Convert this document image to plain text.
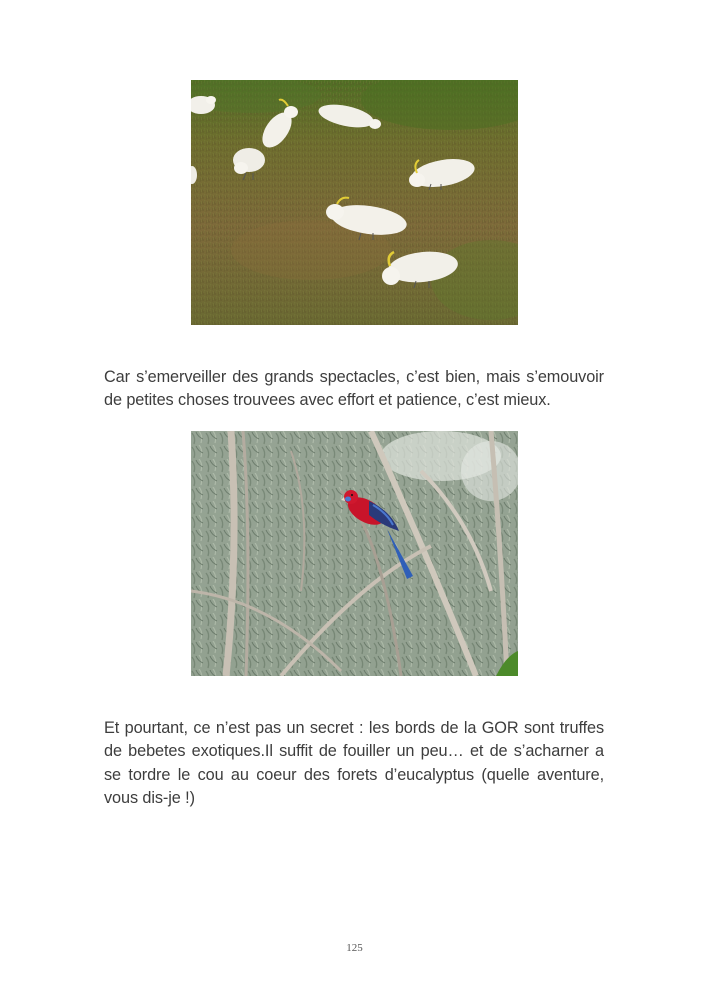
Car s’emerveiller des grands spectacles, c’est bien, mais s’emouvoir de petites choses trouvees avec effort et patience, c’est mieux.

Et pourtant, ce n’est pas un secret : les bords de la GOR sont truffes de bebetes exotiques.Il suffit de fouiller un peu… et de s’acharner a se tordre le cou au coeur des forets d’eucalyptus (quelle aventure, vous dis-je !)

125
